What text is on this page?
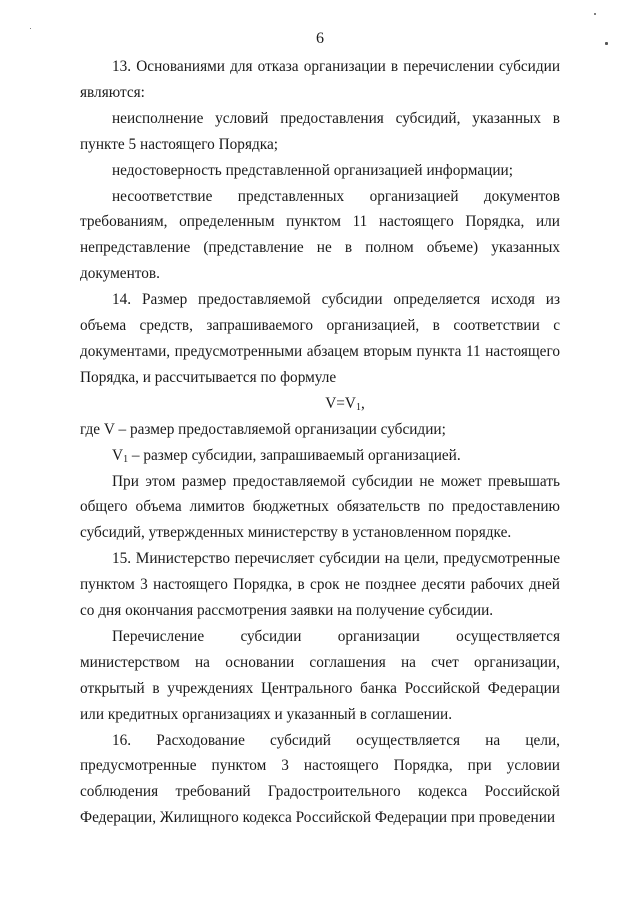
6

13. Основаниями для отказа организации в перечислении субсидии являются:

неисполнение условий предоставления субсидий, указанных в пункте 5 настоящего Порядка;

недостоверность представленной организацией информации;

несоответствие представленных организацией документов требованиям, определенным пунктом 11 настоящего Порядка, или непредставление (представление не в полном объеме) указанных документов.

14. Размер предоставляемой субсидии определяется исходя из объема средств, запрашиваемого организацией, в соответствии с документами, предусмотренными абзацем вторым пункта 11 настоящего Порядка, и рассчитывается по формуле

$V=V_1$,

где V – размер предоставляемой организации субсидии;

$V_1$ – размер субсидии, запрашиваемый организацией.

При этом размер предоставляемой субсидии не может превышать общего объема лимитов бюджетных обязательств по предоставлению субсидий, утвержденных министерству в установленном порядке.

15. Министерство перечисляет субсидии на цели, предусмотренные пунктом 3 настоящего Порядка, в срок не позднее десяти рабочих дней со дня окончания рассмотрения заявки на получение субсидии.

Перечисление субсидии организации осуществляется министерством на основании соглашения на счет организации, открытый в учреждениях Центрального банка Российской Федерации или кредитных организациях и указанный в соглашении.

16. Расходование субсидий осуществляется на цели, предусмотренные пунктом 3 настоящего Порядка, при условии соблюдения требований Градостроительного кодекса Российской Федерации, Жилищного кодекса Российской Федерации при проведении
